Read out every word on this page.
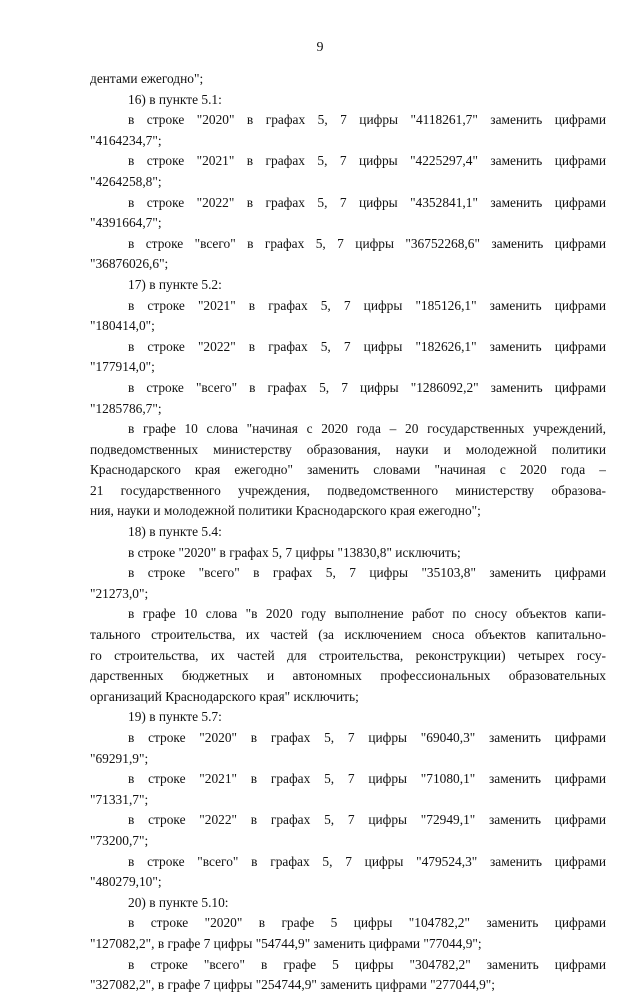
9
дентами ежегодно";
16) в пункте 5.1:
в строке "2020" в графах 5, 7 цифры "4118261,7" заменить цифрами
"4164234,7";
в строке "2021" в графах 5, 7 цифры "4225297,4" заменить цифрами
"4264258,8";
в строке "2022" в графах 5, 7 цифры "4352841,1" заменить цифрами
"4391664,7";
в строке "всего" в графах 5, 7 цифры "36752268,6" заменить цифрами
"36876026,6";
17) в пункте 5.2:
в строке "2021" в графах 5, 7 цифры "185126,1" заменить цифрами
"180414,0";
в строке "2022" в графах 5, 7 цифры "182626,1" заменить цифрами
"177914,0";
в строке "всего" в графах 5, 7 цифры "1286092,2" заменить цифрами
"1285786,7";
в графе 10 слова "начиная с 2020 года – 20 государственных учреждений,
подведомственных министерству образования, науки и молодежной политики
Краснодарского края ежегодно" заменить словами "начиная с 2020 года –
21 государственного учреждения, подведомственного министерству образова-
ния, науки и молодежной политики Краснодарского края ежегодно";
18) в пункте 5.4:
в строке "2020" в графах 5, 7 цифры "13830,8" исключить;
в строке "всего" в графах 5, 7 цифры "35103,8" заменить цифрами
"21273,0";
в графе 10 слова "в 2020 году выполнение работ по сносу объектов капи-
тального строительства, их частей (за исключением сноса объектов капитально-
го строительства, их частей для строительства, реконструкции) четырех госу-
дарственных бюджетных и автономных профессиональных образовательных
организаций Краснодарского края" исключить;
19) в пункте 5.7:
в строке "2020" в графах 5, 7 цифры "69040,3" заменить цифрами
"69291,9";
в строке "2021" в графах 5, 7 цифры "71080,1" заменить цифрами
"71331,7";
в строке "2022" в графах 5, 7 цифры "72949,1" заменить цифрами
"73200,7";
в строке "всего" в графах 5, 7 цифры "479524,3" заменить цифрами
"480279,10";
20) в пункте 5.10:
в строке "2020" в графе 5 цифры "104782,2" заменить цифрами
"127082,2", в графе 7 цифры "54744,9" заменить цифрами "77044,9";
в строке "всего" в графе 5 цифры "304782,2" заменить цифрами
"327082,2", в графе 7 цифры "254744,9" заменить цифрами "277044,9";
